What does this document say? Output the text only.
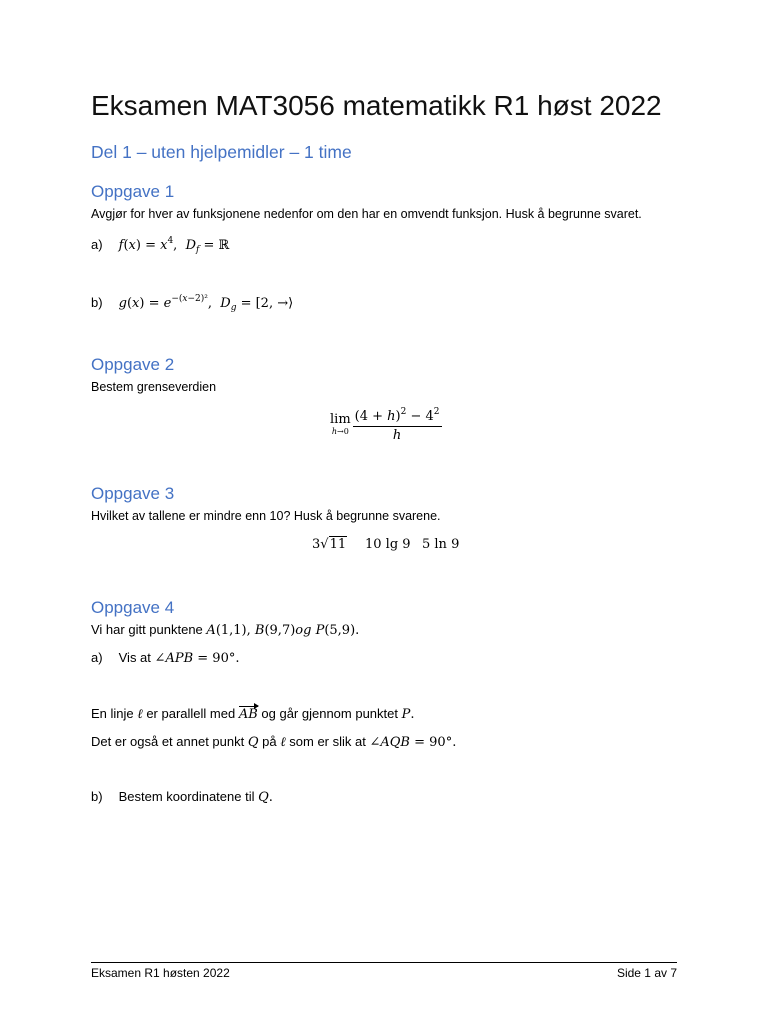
Eksamen MAT3056 matematikk R1 høst 2022
Del 1 – uten hjelpemidler – 1 time
Oppgave 1
Avgjør for hver av funksjonene nedenfor om den har en omvendt funksjon. Husk å begrunne svaret.
a) $f(x) = x^4$,  $D_f$ = ℝ
b) $g(x) = e^{-(x-2)^2}$,  $D_g = [2$, →⟩
Oppgave 2
Bestem grenseverdien
lim
$h\to 0 \frac{(4 + h)^2 - 4^2}{h}$
Oppgave 3
Hvilket av tallene er mindre enn 10? Husk å begrunne svarene.
3√11 10 lg 9 5 ln 9
Oppgave 4
Vi har gitt punktene A(1,1), B(9,7)og P(5,9).
a) Vis at ∠APB = 90°.
En linje ℓ er parallell med AB og går gjennom punktet P.
Det er også et annet punkt Q på ℓ som er slik at ∠AQB = 90°.
b) Bestem koordinatene til Q.
Eksamen R1 høsten 2022	Side 1 av 7
